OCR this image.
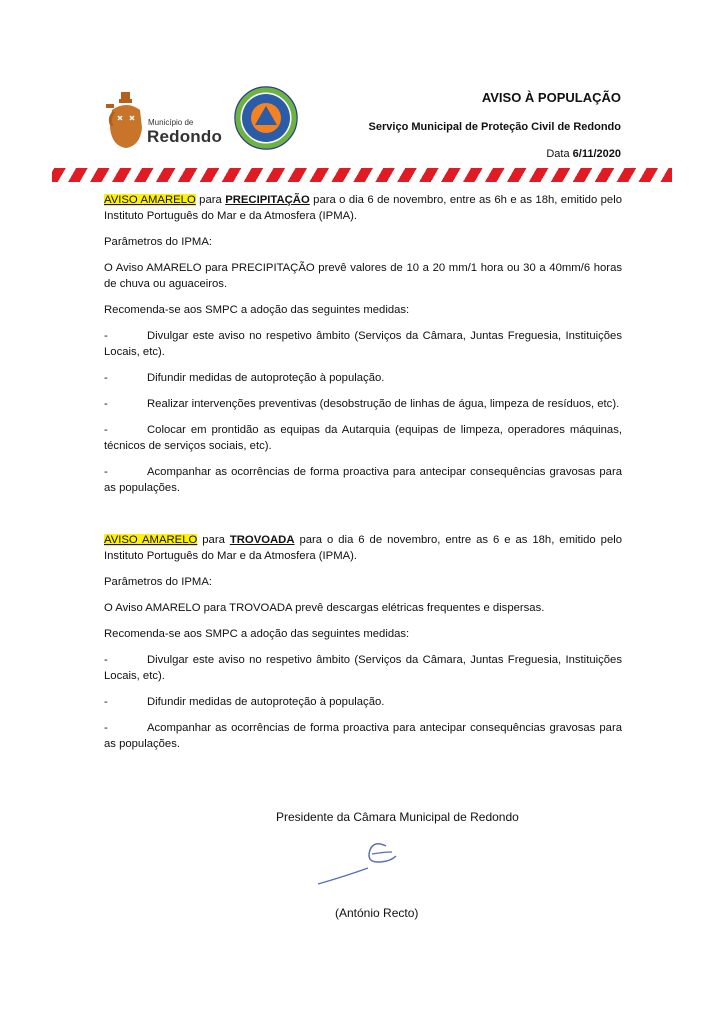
Município de
Redondo
AVISO À POPULAÇÃO
Serviço Municipal de Proteção Civil de Redondo
Data 6/11/2020

AVISO AMARELO para PRECIPITAÇÃO para o dia 6 de novembro, entre as 6h e as 18h, emitido pelo Instituto Português do Mar e da Atmosfera (IPMA).

Parâmetros do IPMA:

O Aviso AMARELO para PRECIPITAÇÃO prevê valores de 10 a 20 mm/1 hora ou 30 a 40mm/6 horas de chuva ou aguaceiros.

Recomenda-se aos SMPC a adoção das seguintes medidas:

-	Divulgar este aviso no respetivo âmbito (Serviços da Câmara, Juntas Freguesia, Instituições Locais, etc).

-	Difundir medidas de autoproteção à população.

-	Realizar intervenções preventivas (desobstrução de linhas de água, limpeza de resíduos, etc).

-	Colocar em prontidão as equipas da Autarquia (equipas de limpeza, operadores máquinas, técnicos de serviços sociais, etc).

-	Acompanhar as ocorrências de forma proactiva para antecipar consequências gravosas para as populações.

AVISO AMARELO para TROVOADA para o dia 6 de novembro, entre as 6 e as 18h, emitido pelo Instituto Português do Mar e da Atmosfera (IPMA).

Parâmetros do IPMA:

O Aviso AMARELO para TROVOADA prevê descargas elétricas frequentes e dispersas.

Recomenda-se aos SMPC a adoção das seguintes medidas:

-	Divulgar este aviso no respetivo âmbito (Serviços da Câmara, Juntas Freguesia, Instituições Locais, etc).

-	Difundir medidas de autoproteção à população.

-	Acompanhar as ocorrências de forma proactiva para antecipar consequências gravosas para as populações.

Presidente da Câmara Municipal de Redondo
(António Recto)
